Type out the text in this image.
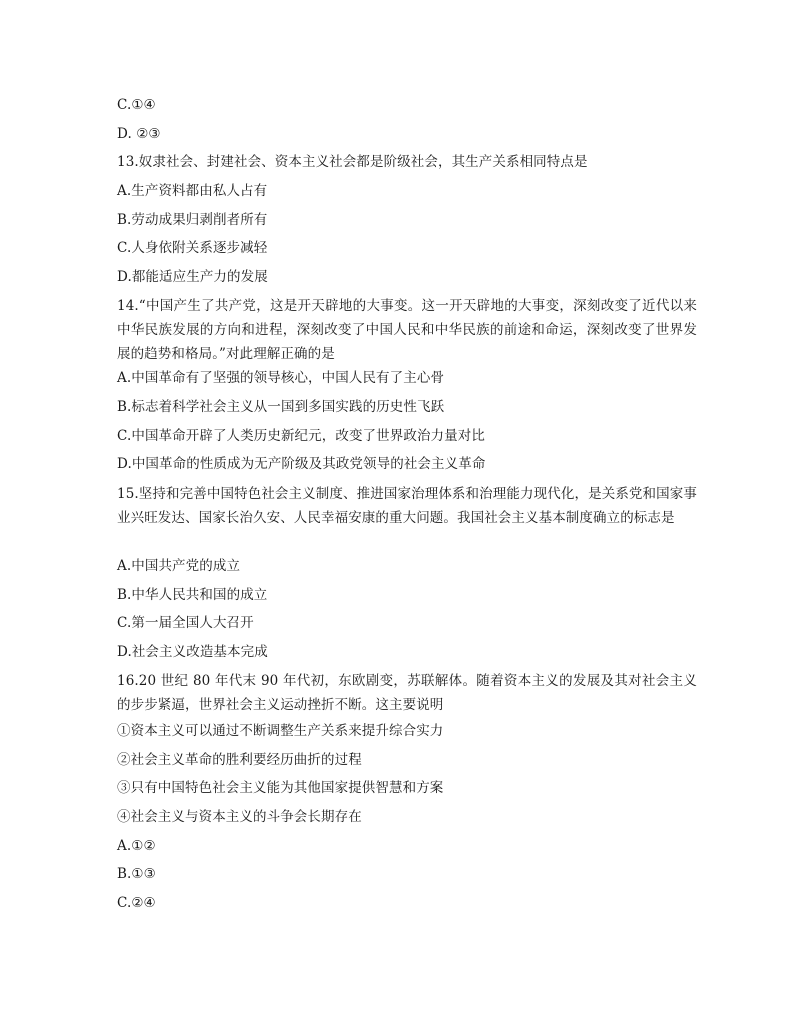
C.①④
D. ②③
13.奴隶社会、封建社会、资本主义社会都是阶级社会，其生产关系相同特点是
A.生产资料都由私人占有
B.劳动成果归剥削者所有
C.人身依附关系逐步减轻
D.都能适应生产力的发展
14.“中国产生了共产党，这是开天辟地的大事变。这一开天辟地的大事变，深刻改变了近代以来中华民族发展的方向和进程，深刻改变了中国人民和中华民族的前途和命运，深刻改变了世界发展的趋势和格局。”对此理解正确的是
A.中国革命有了坚强的领导核心，中国人民有了主心骨
B.标志着科学社会主义从一国到多国实践的历史性飞跃
C.中国革命开辟了人类历史新纪元，改变了世界政治力量对比
D.中国革命的性质成为无产阶级及其政党领导的社会主义革命
15.坚持和完善中国特色社会主义制度、推进国家治理体系和治理能力现代化，是关系党和国家事业兴旺发达、国家长治久安、人民幸福安康的重大问题。我国社会主义基本制度确立的标志是
A.中国共产党的成立
B.中华人民共和国的成立
C.第一届全国人大召开
D.社会主义改造基本完成
16.20 世纪 80 年代末 90 年代初，东欧剧变，苏联解体。随着资本主义的发展及其对社会主义的步步紧逼，世界社会主义运动挫折不断。这主要说明
①资本主义可以通过不断调整生产关系来提升综合实力
②社会主义革命的胜利要经历曲折的过程
③只有中国特色社会主义能为其他国家提供智慧和方案
④社会主义与资本主义的斗争会长期存在
A.①②
B.①③
C.②④
